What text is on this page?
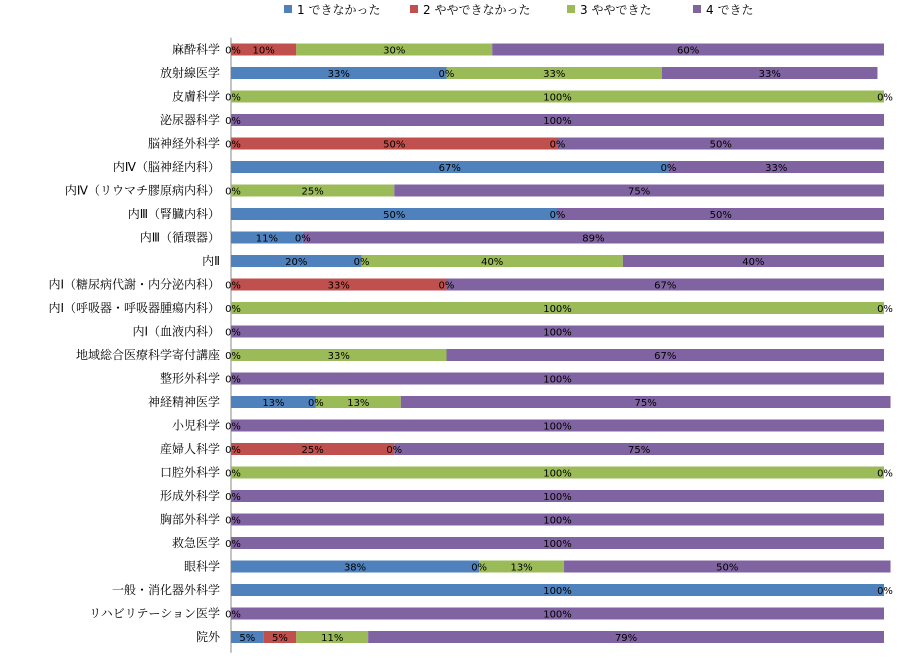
1 できなかった	2 ややできなかった	3 ややできた	4 できた
麻酔科学 0% 10%	30%	60%
放射線医学	33%	0%	33%	33%
皮膚科学 0%	100%	0%
泌尿器科学 0%	100%
脳神経外科学 0%	50%	0%	50%
内Ⅳ（脳神経内科）	67%	0%	33%
内Ⅳ（リウマチ膠原病内科） 0%	25%	75%
内Ⅲ（腎臓内科）	50%	0%	50%
内Ⅲ（循環器）	11% 0%	89%
内Ⅱ	20%	0%	40%	40%
内Ⅰ（糖尿病代謝・内分泌内科） 0%	33%	0%	67%
内Ⅰ（呼吸器・呼吸器腫瘍内科） 0%	100%	0%
内Ⅰ（血液内科） 0%	100%
地域総合医療科学寄付講座 0%	33%	67%
整形外科学 0%	100%
神経精神医学	13% 0% 13%	75%
小児科学 0%	100%
産婦人科学 0%	25%	0%	75%
口腔外科学 0%	100%	0%
形成外科学 0%	100%
胸部外科学 0%	100%
救急医学 0%	100%
眼科学	38%	0% 13%	50%
一般・消化器外科学	100%	0%
リハビリテーション医学 0%	100%
院外 5% 5%	11%	79%
